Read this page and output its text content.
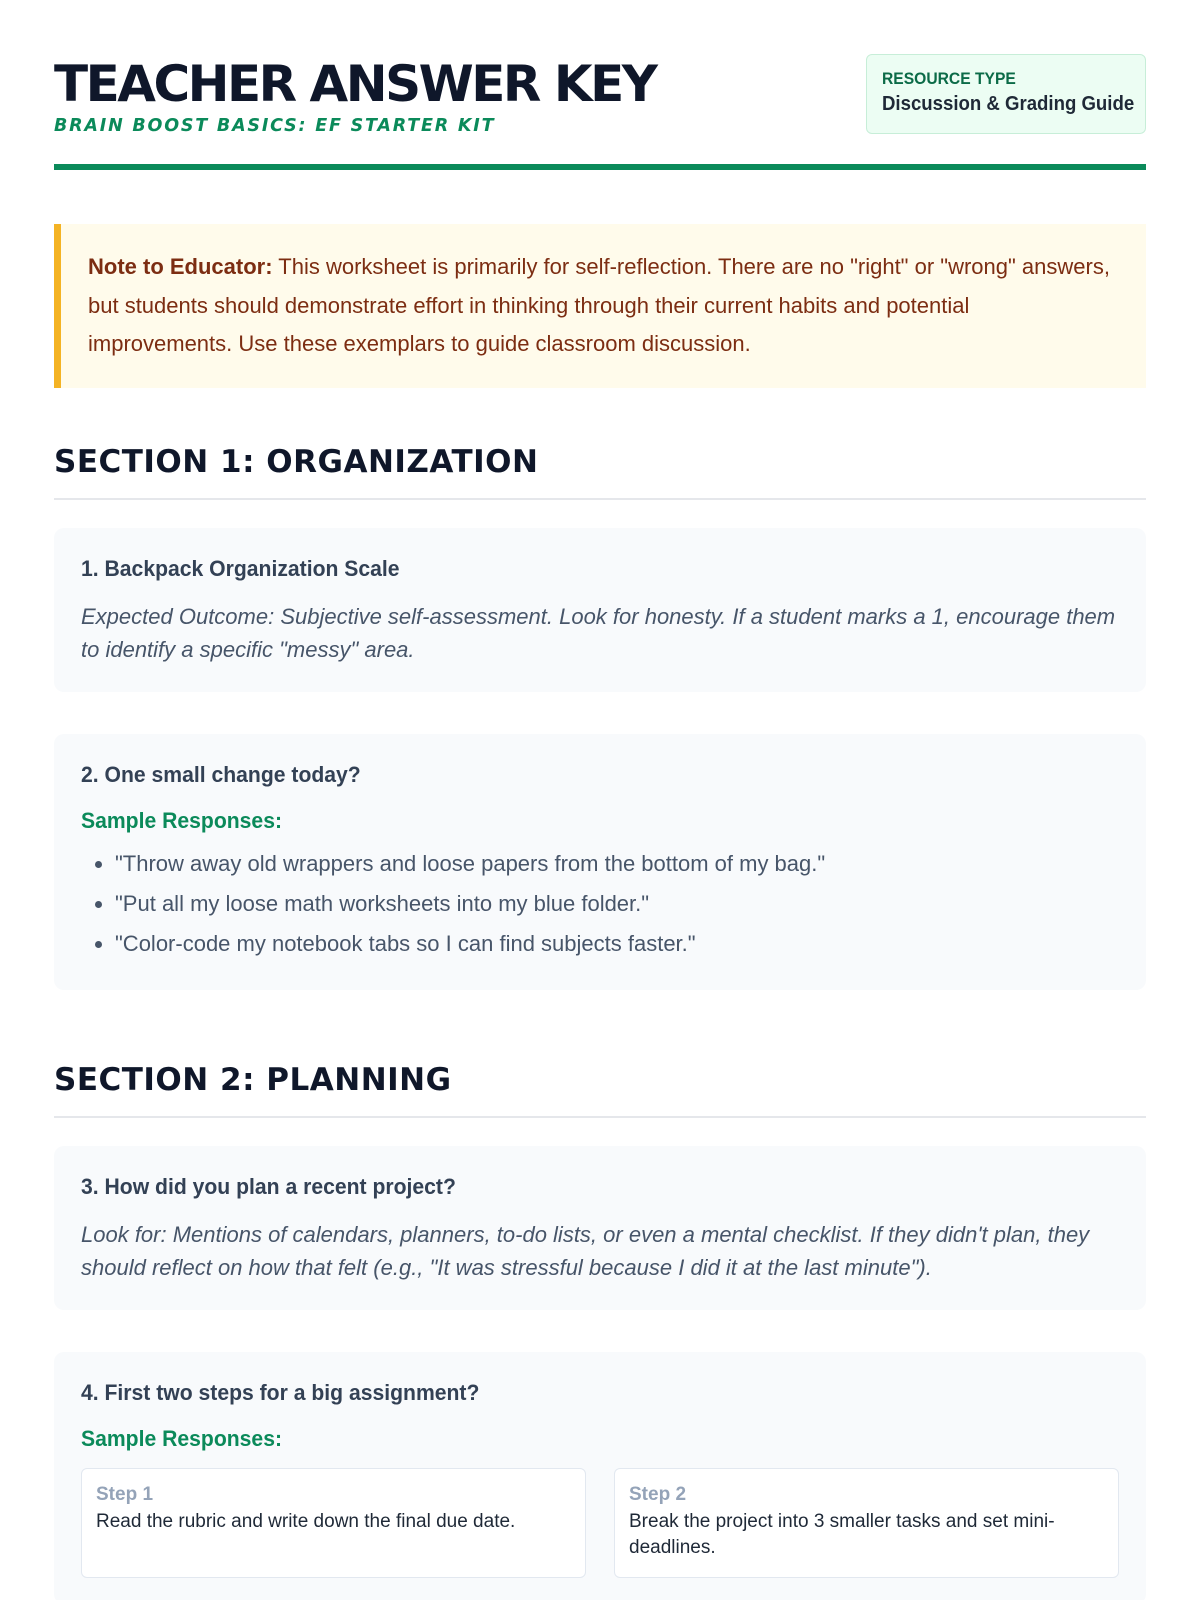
TEACHER ANSWER KEY
BRAIN BOOST BASICS: EF STARTER KIT
RESOURCE TYPE
Discussion & Grading Guide
Note to Educator: This worksheet is primarily for self-reflection. There are no "right" or "wrong" answers, but students should demonstrate effort in thinking through their current habits and potential improvements. Use these exemplars to guide classroom discussion.
SECTION 1: ORGANIZATION
1. Backpack Organization Scale

Expected Outcome: Subjective self-assessment. Look for honesty. If a student marks a 1, encourage them to identify a specific "messy" area.

2. One small change today?
Sample Responses:
• "Throw away old wrappers and loose papers from the bottom of my bag."
• "Put all my loose math worksheets into my blue folder."
• "Color-code my notebook tabs so I can find subjects faster."
SECTION 2: PLANNING
3. How did you plan a recent project?

Look for: Mentions of calendars, planners, to-do lists, or even a mental checklist. If they didn't plan, they should reflect on how that felt (e.g., "It was stressful because I did it at the last minute").

4. First two steps for a big assignment?
Sample Responses:
Step 1
Read the rubric and write down the final due date.
Step 2
Break the project into 3 smaller tasks and set mini-deadlines.
